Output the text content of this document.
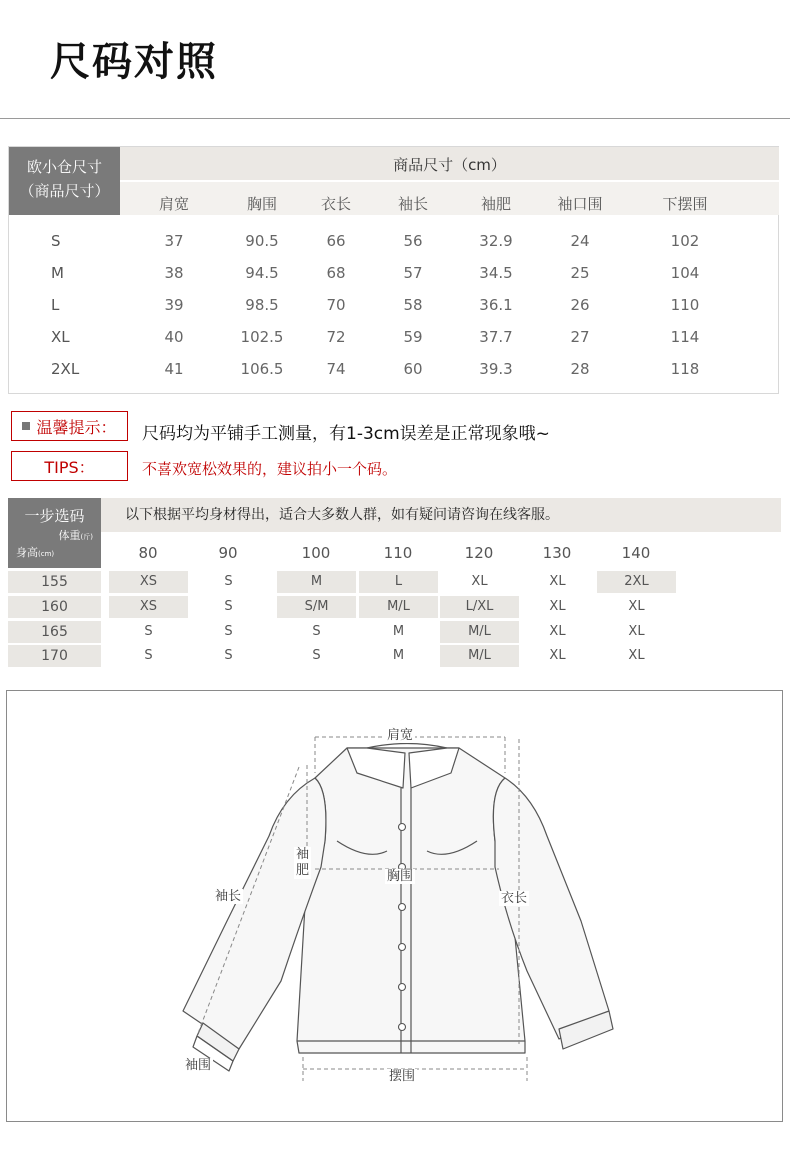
尺码对照
欧小仓尺寸
（商品尺寸）
商品尺寸（cm）
肩宽	胸围	衣长	袖长	袖肥	袖口围	下摆围
S	37	90.5	66	56	32.9	24	102
M	38	94.5	68	57	34.5	25	104
L	39	98.5	70	58	36.1	26	110
XL	40	102.5	72	59	37.7	27	114
2XL	41	106.5	74	60	39.3	28	118
温馨提示： 尺码均为平铺手工测量，有1-3cm误差是正常现象哦~
TIPS：	不喜欢宽松效果的，建议拍小一个码。
一步选码
体重(斤)
身高(cm)
以下根据平均身材得出，适合大多数人群，如有疑问请咨询在线客服。
80	90	100	110	120	130	140
155	XS	S	M	L	XL	XL	2XL
160	XS	S	S/M	M/L	L/XL	XL	XL
165	S	S	S	M	M/L	XL	XL
170	S	S	S	M	M/L	XL	XL
肩宽
袖
肥	胸围
袖长	衣长
袖围
摆围
